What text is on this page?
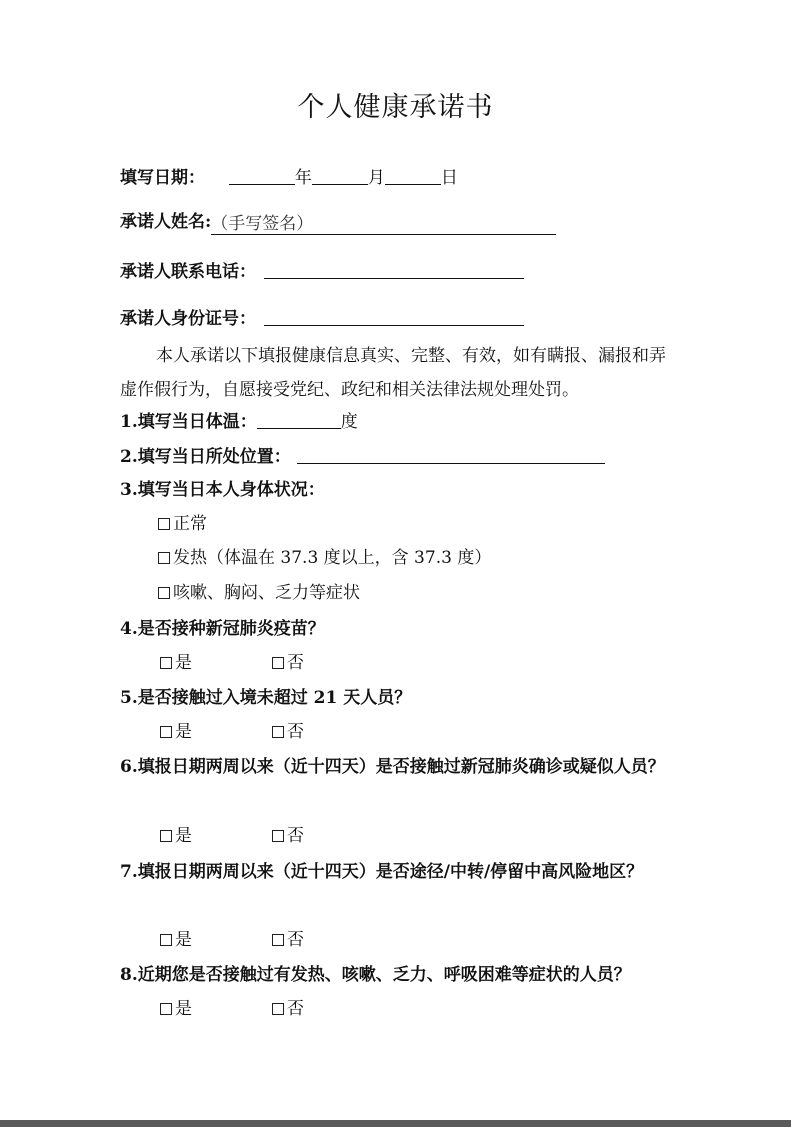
个人健康承诺书
填写日期：	年	月	日
承诺人姓名:（手写签名）
承诺人联系电话：
承诺人身份证号：
本人承诺以下填报健康信息真实、完整、有效，如有瞒报、漏报和弄虚作假行为，自愿接受党纪、政纪和相关法律法规处理处罚。
1.填写当日体温：	度
2.填写当日所处位置：
3.填写当日本人身体状况：
正常
发热（体温在 37.3 度以上，含 37.3 度）
咳嗽、胸闷、乏力等症状
4.是否接种新冠肺炎疫苗？
是	否
5.是否接触过入境未超过 21 天人员？
是	否
6.填报日期两周以来（近十四天）是否接触过新冠肺炎确诊或疑似人员？
是	否
7.填报日期两周以来（近十四天）是否途径/中转/停留中高风险地区？
是	否
8.近期您是否接触过有发热、咳嗽、乏力、呼吸困难等症状的人员？
是	否
